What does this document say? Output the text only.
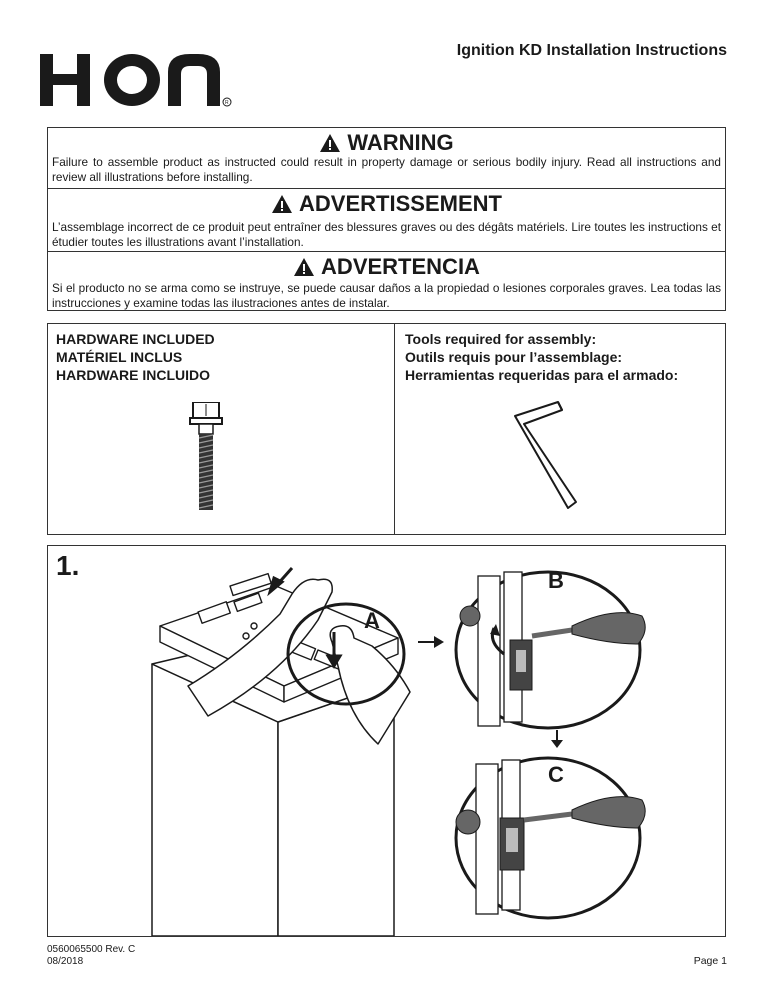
R
Ignition KD Installation Instructions
WARNING
Failure to assemble product as instructed could result in property damage or serious bodily injury. Read all instructions and review all illustrations before installing.
ADVERTISSEMENT
L’assemblage incorrect de ce produit peut entraîner des blessures graves ou des dégâts matériels. Lire toutes les instructions et étudier toutes les illustrations avant l’installation.
ADVERTENCIA
Si el producto no se arma como se instruye, se puede causar daños a la propiedad o lesiones corporales graves. Lea todas las instrucciones y examine todas las ilustraciones antes de instalar.
HARDWARE INCLUDED
MATÉRIEL INCLUS
HARDWARE INCLUIDO
Tools required for assembly:
Outils requis pour l’assemblage:
Herramientas requeridas para el armado:
1.
A
B
C
0560065500 Rev. C
08/2018	Page 1
